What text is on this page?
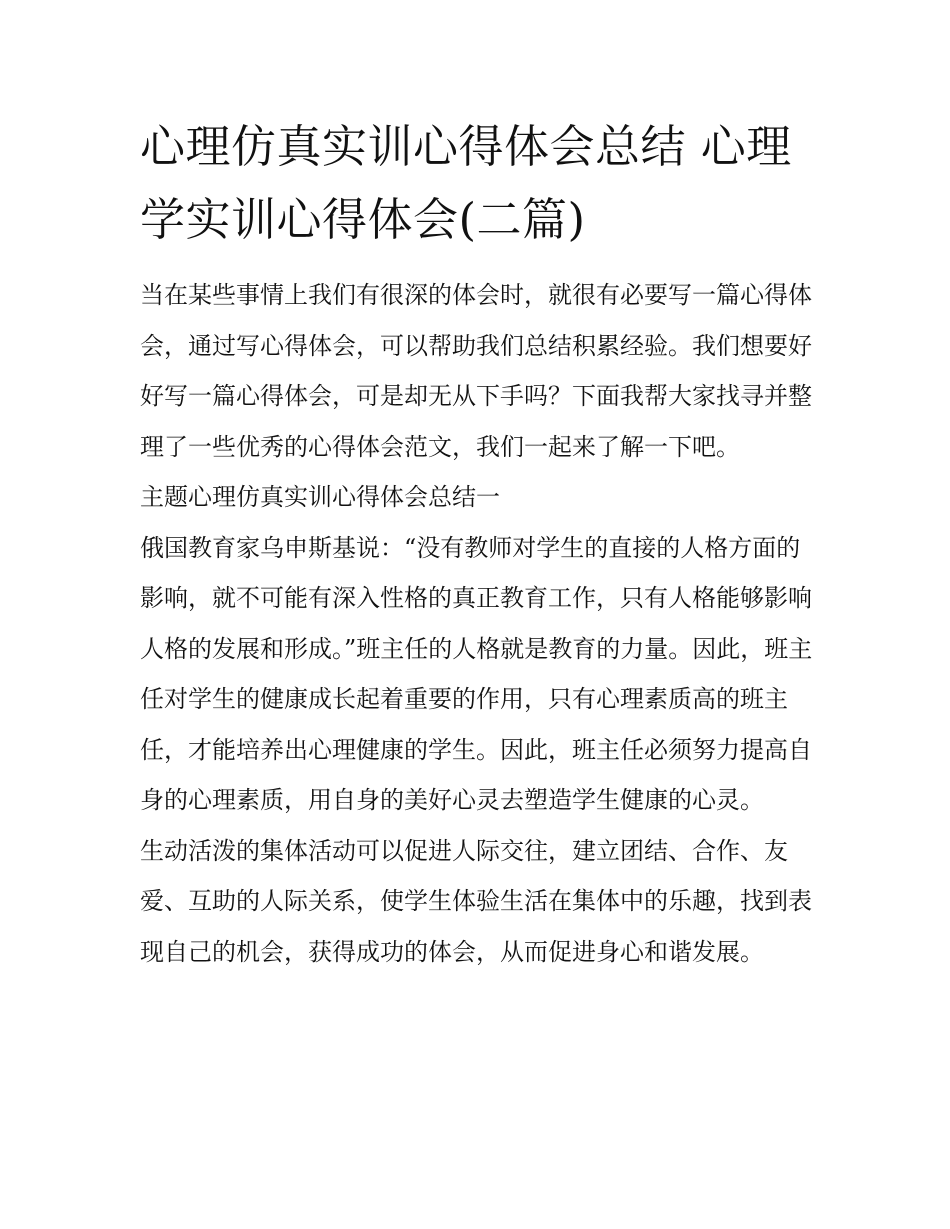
心理仿真实训心得体会总结 心理学实训心得体会(二篇)

当在某些事情上我们有很深的体会时，就很有必要写一篇心得体会，通过写心得体会，可以帮助我们总结积累经验。我们想要好好写一篇心得体会，可是却无从下手吗？下面我帮大家找寻并整理了一些优秀的心得体会范文，我们一起来了解一下吧。

主题心理仿真实训心得体会总结一

俄国教育家乌申斯基说：“没有教师对学生的直接的人格方面的影响，就不可能有深入性格的真正教育工作，只有人格能够影响人格的发展和形成。”班主任的人格就是教育的力量。因此，班主任对学生的健康成长起着重要的作用，只有心理素质高的班主任，才能培养出心理健康的学生。因此，班主任必须努力提高自身的心理素质，用自身的美好心灵去塑造学生健康的心灵。

生动活泼的集体活动可以促进人际交往，建立团结、合作、友爱、互助的人际关系，使学生体验生活在集体中的乐趣，找到表现自己的机会，获得成功的体会，从而促进身心和谐发展。
